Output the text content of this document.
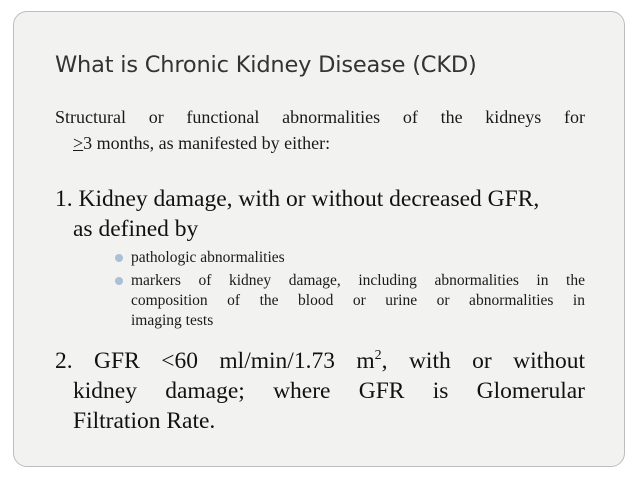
What is Chronic Kidney Disease (CKD)
Structural or functional abnormalities of the kidneys for
≥3 months, as manifested by either:
1. Kidney damage, with or without decreased GFR,
as defined by
pathologic abnormalities
markers of kidney damage, including abnormalities in the
composition of the blood or urine or abnormalities in
imaging tests
2. GFR <60 ml/min/1.73 $m^2$, with or without
kidney damage; where GFR is Glomerular
Filtration Rate.
